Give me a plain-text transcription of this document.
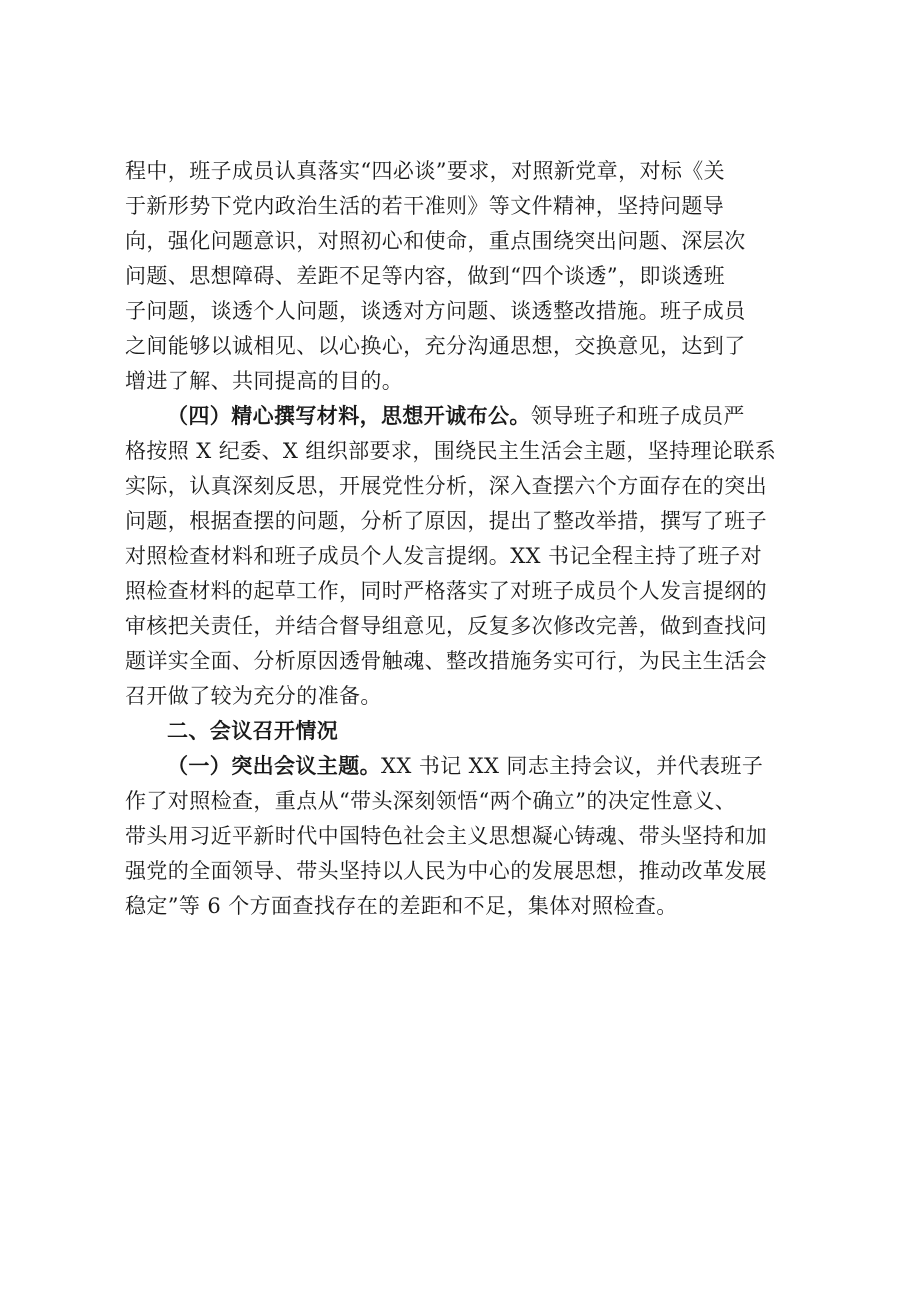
程中，班子成员认真落实“四必谈”要求，对照新党章，对标《关
于新形势下党内政治生活的若干准则》等文件精神，坚持问题导
向，强化问题意识，对照初心和使命，重点围绕突出问题、深层次
问题、思想障碍、差距不足等内容，做到“四个谈透”，即谈透班
子问题，谈透个人问题，谈透对方问题、谈透整改措施。班子成员
之间能够以诚相见、以心换心，充分沟通思想，交换意见，达到了
增进了解、共同提高的目的。
（四）精心撰写材料，思想开诚布公。领导班子和班子成员严
格按照 X 纪委、X 组织部要求，围绕民主生活会主题，坚持理论联系
实际，认真深刻反思，开展党性分析，深入查摆六个方面存在的突出
问题，根据查摆的问题，分析了原因，提出了整改举措，撰写了班子
对照检查材料和班子成员个人发言提纲。XX 书记全程主持了班子对
照检查材料的起草工作，同时严格落实了对班子成员个人发言提纲的
审核把关责任，并结合督导组意见，反复多次修改完善，做到查找问
题详实全面、分析原因透骨触魂、整改措施务实可行，为民主生活会
召开做了较为充分的准备。
二、会议召开情况
（一）突出会议主题。XX 书记 XX 同志主持会议，并代表班子
作了对照检查，重点从“带头深刻领悟“两个确立”的决定性意义、
带头用习近平新时代中国特色社会主义思想凝心铸魂、带头坚持和加
强党的全面领导、带头坚持以人民为中心的发展思想，推动改革发展
稳定”等 6 个方面查找存在的差距和不足，集体对照检查。
